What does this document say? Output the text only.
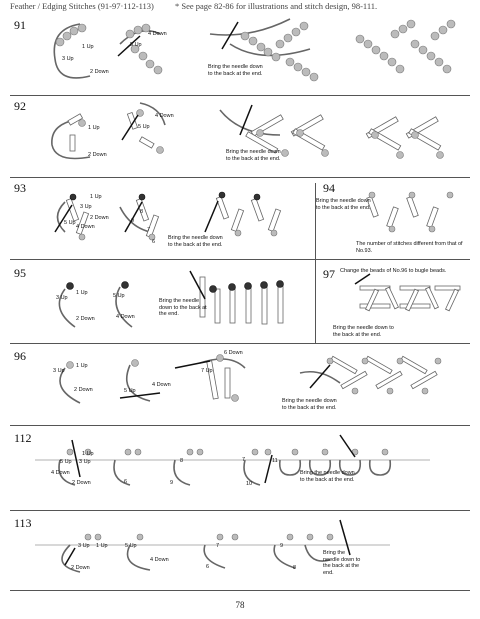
Feather / Edging Stitches (91-97·112-113) * See page 82-86 for illustrations and stitch design, 98-111.
91
1 Up
3 Up
2 Down
4 Down
5 Up
Bring the needle down to the back at the end.
92
1 Up
2 Down
4 Down
5 Up
Bring the needle down to the back at the end.
93	94
1 Up
3 Up
2 Down
5 Up
4 Down
8
9
7
6
Bring the needle down to the back at the end.
Bring the needle down to the back at the end.
The number of stitches different from that of No.93.
95	97
1 Up
3 Up
2 Down
5 Up
4 Down
Bring the needle down to the back at the end.
Change the beads of No.96 to bugle beads.
Bring the needle down to the back at the end.
96
1 Up
3 Up
2 Down
4 Down
5 Up
6 Down
7 Up
Bring the needle down to the back at the end.
112
1 Up
5 Up 3 Up
4 Down
2 Down	6
8
9
7	11
10
Bring the needle down to the back at the end.
113
3 Up 1 Up
2 Down
5 Up
4 Down
6
7	9
8
Bring the needle down to the back at the end.
78
